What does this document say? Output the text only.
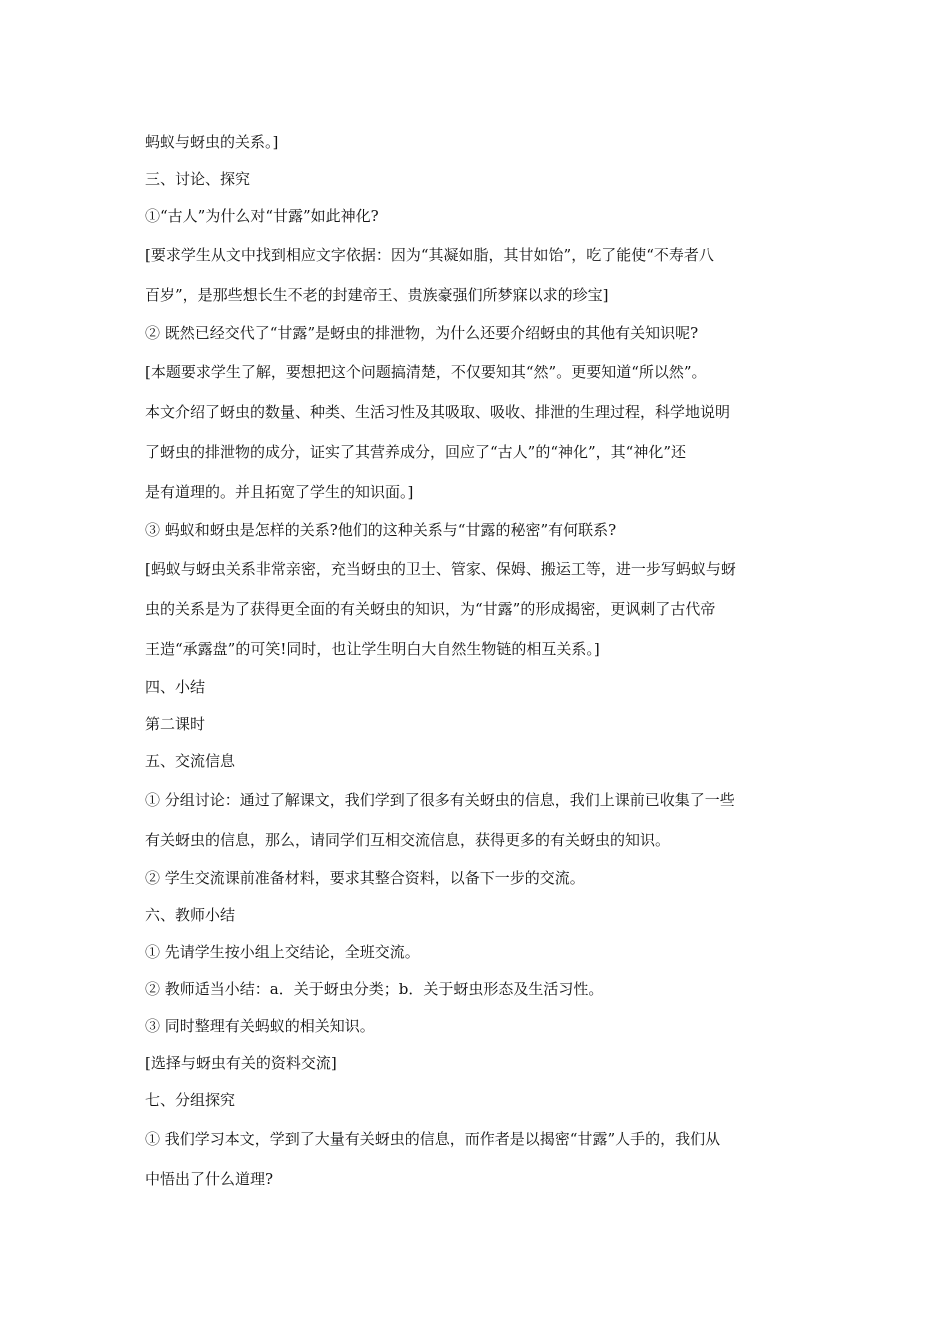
蚂蚁与蚜虫的关系。]
三、讨论、探究
①“古人”为什么对“甘露”如此神化?
[要求学生从文中找到相应文字依据：因为“其凝如脂，其甘如饴”，吃了能使“不寿者八
百岁”，是那些想长生不老的封建帝王、贵族豪强们所梦寐以求的珍宝]
② 既然已经交代了“甘露”是蚜虫的排泄物，为什么还要介绍蚜虫的其他有关知识呢?
[本题要求学生了解，要想把这个问题搞清楚，不仅要知其“然”。更要知道“所以然”。
本文介绍了蚜虫的数量、种类、生活习性及其吸取、吸收、排泄的生理过程，科学地说明
了蚜虫的排泄物的成分，证实了其营养成分，回应了“古人”的“神化”，其“神化”还
是有道理的。并且拓宽了学生的知识面。]
③ 蚂蚁和蚜虫是怎样的关系?他们的这种关系与“甘露的秘密”有何联系?
[蚂蚁与蚜虫关系非常亲密，充当蚜虫的卫士、管家、保姆、搬运工等，进一步写蚂蚁与蚜
虫的关系是为了获得更全面的有关蚜虫的知识，为“甘露”的形成揭密，更讽刺了古代帝
王造“承露盘”的可笑!同时，也让学生明白大自然生物链的相互关系。]
四、小结
第二课时
五、交流信息
① 分组讨论：通过了解课文，我们学到了很多有关蚜虫的信息，我们上课前已收集了一些
有关蚜虫的信息，那么，请同学们互相交流信息，获得更多的有关蚜虫的知识。
② 学生交流课前准备材料，要求其整合资料，以备下一步的交流。
六、教师小结
① 先请学生按小组上交结论，全班交流。
② 教师适当小结：a．关于蚜虫分类；b．关于蚜虫形态及生活习性。
③ 同时整理有关蚂蚁的相关知识。
[选择与蚜虫有关的资料交流]
七、分组探究
① 我们学习本文，学到了大量有关蚜虫的信息，而作者是以揭密“甘露”人手的，我们从
中悟出了什么道理?
